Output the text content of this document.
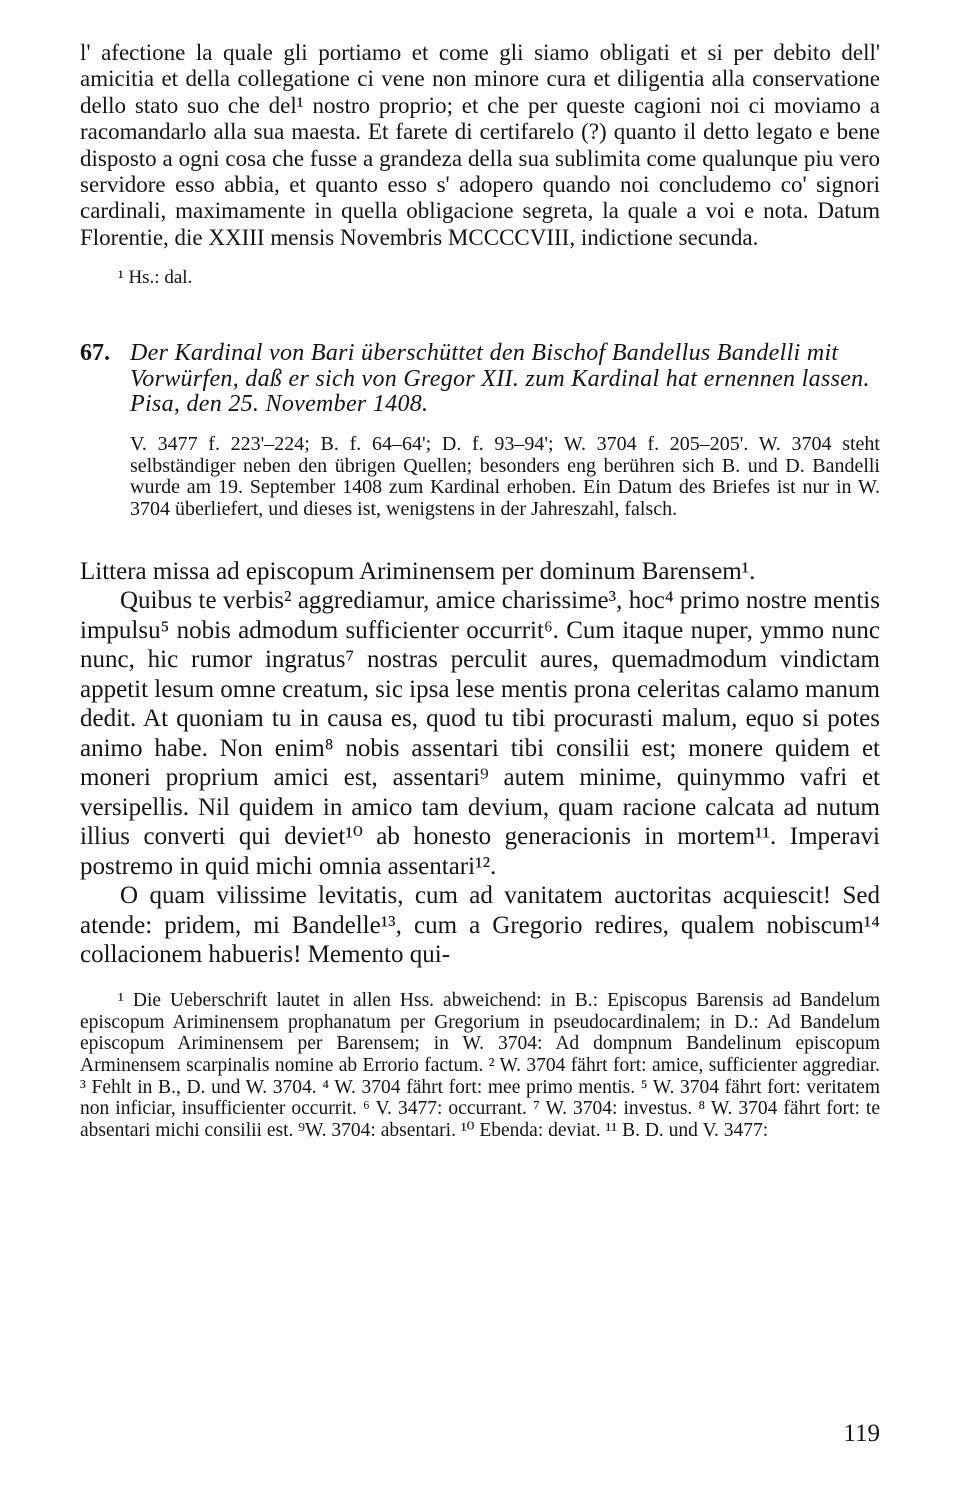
l' afectione la quale gli portiamo et come gli siamo obligati et si per debito dell' amicitia et della collegatione ci vene non minore cura et diligentia alla conservatione dello stato suo che del¹ nostro proprio; et che per queste cagioni noi ci moviamo a racomandarlo alla sua maesta. Et farete di certifarelo (?) quanto il detto legato e bene disposto a ogni cosa che fusse a grandeza della sua sublimita come qualunque piu vero servidore esso abbia, et quanto esso s' adopero quando noi concludemo co' signori cardinali, maximamente in quella obligacione segreta, la quale a voi e nota. Datum Florentie, die XXIII mensis Novembris MCCCCVIII, indictione secunda.

¹ Hs.: dal.

67. Der Kardinal von Bari überschüttet den Bischof Bandellus Bandelli mit Vorwürfen, daß er sich von Gregor XII. zum Kardinal hat ernennen lassen. Pisa, den 25. November 1408.

V. 3477 f. 223'–224; B. f. 64–64'; D. f. 93–94'; W. 3704 f. 205–205'. W. 3704 steht selbständiger neben den übrigen Quellen; besonders eng berühren sich B. und D. Bandelli wurde am 19. September 1408 zum Kardinal erhoben. Ein Datum des Briefes ist nur in W. 3704 überliefert, und dieses ist, wenigstens in der Jahreszahl, falsch.

Littera missa ad episcopum Ariminensem per dominum Barensem¹.

Quibus te verbis² aggrediamur, amice charissime³, hoc⁴ primo nostre mentis impulsu⁵ nobis admodum sufficienter occurrit⁶. Cum itaque nuper, ymmo nunc nunc, hic rumor ingratus⁷ nostras perculit aures, quemadmodum vindictam appetit lesum omne creatum, sic ipsa lese mentis prona celeritas calamo manum dedit. At quoniam tu in causa es, quod tu tibi procurasti malum, equo si potes animo habe. Non enim⁸ nobis assentari tibi consilii est; monere quidem et moneri proprium amici est, assentari⁹ autem minime, quinymmo vafri et versipellis. Nil quidem in amico tam devium, quam racione calcata ad nutum illius converti qui deviet¹⁰ ab honesto generacionis in mortem¹¹. Imperavi postremo in quid michi omnia assentari¹².

O quam vilissime levitatis, cum ad vanitatem auctoritas acquiescit! Sed atende: pridem, mi Bandelle¹³, cum a Gregorio redires, qualem nobiscum¹⁴ collacionem habueris! Memento qui-

¹ Die Ueberschrift lautet in allen Hss. abweichend: in B.: Episcopus Barensis ad Bandelum episcopum Ariminensem prophanatum per Gregorium in pseudocardinalem; in D.: Ad Bandelum episcopum Ariminensem per Barensem; in W. 3704: Ad dompnum Bandelinum episcopum Arminensem scarpinalis nomine ab Errorio factum. ² W. 3704 fährt fort: amice, sufficienter aggrediar. ³ Fehlt in B., D. und W. 3704. ⁴ W. 3704 fährt fort: mee primo mentis. ⁵ W. 3704 fährt fort: veritatem non inficiar, insufficienter occurrit. ⁶ V. 3477: occurrant. ⁷ W. 3704: investus. ⁸ W. 3704 fährt fort: te absentari michi consilii est. ⁹W. 3704: absentari. ¹⁰ Ebenda: deviat. ¹¹ B. D. und V. 3477:

119
